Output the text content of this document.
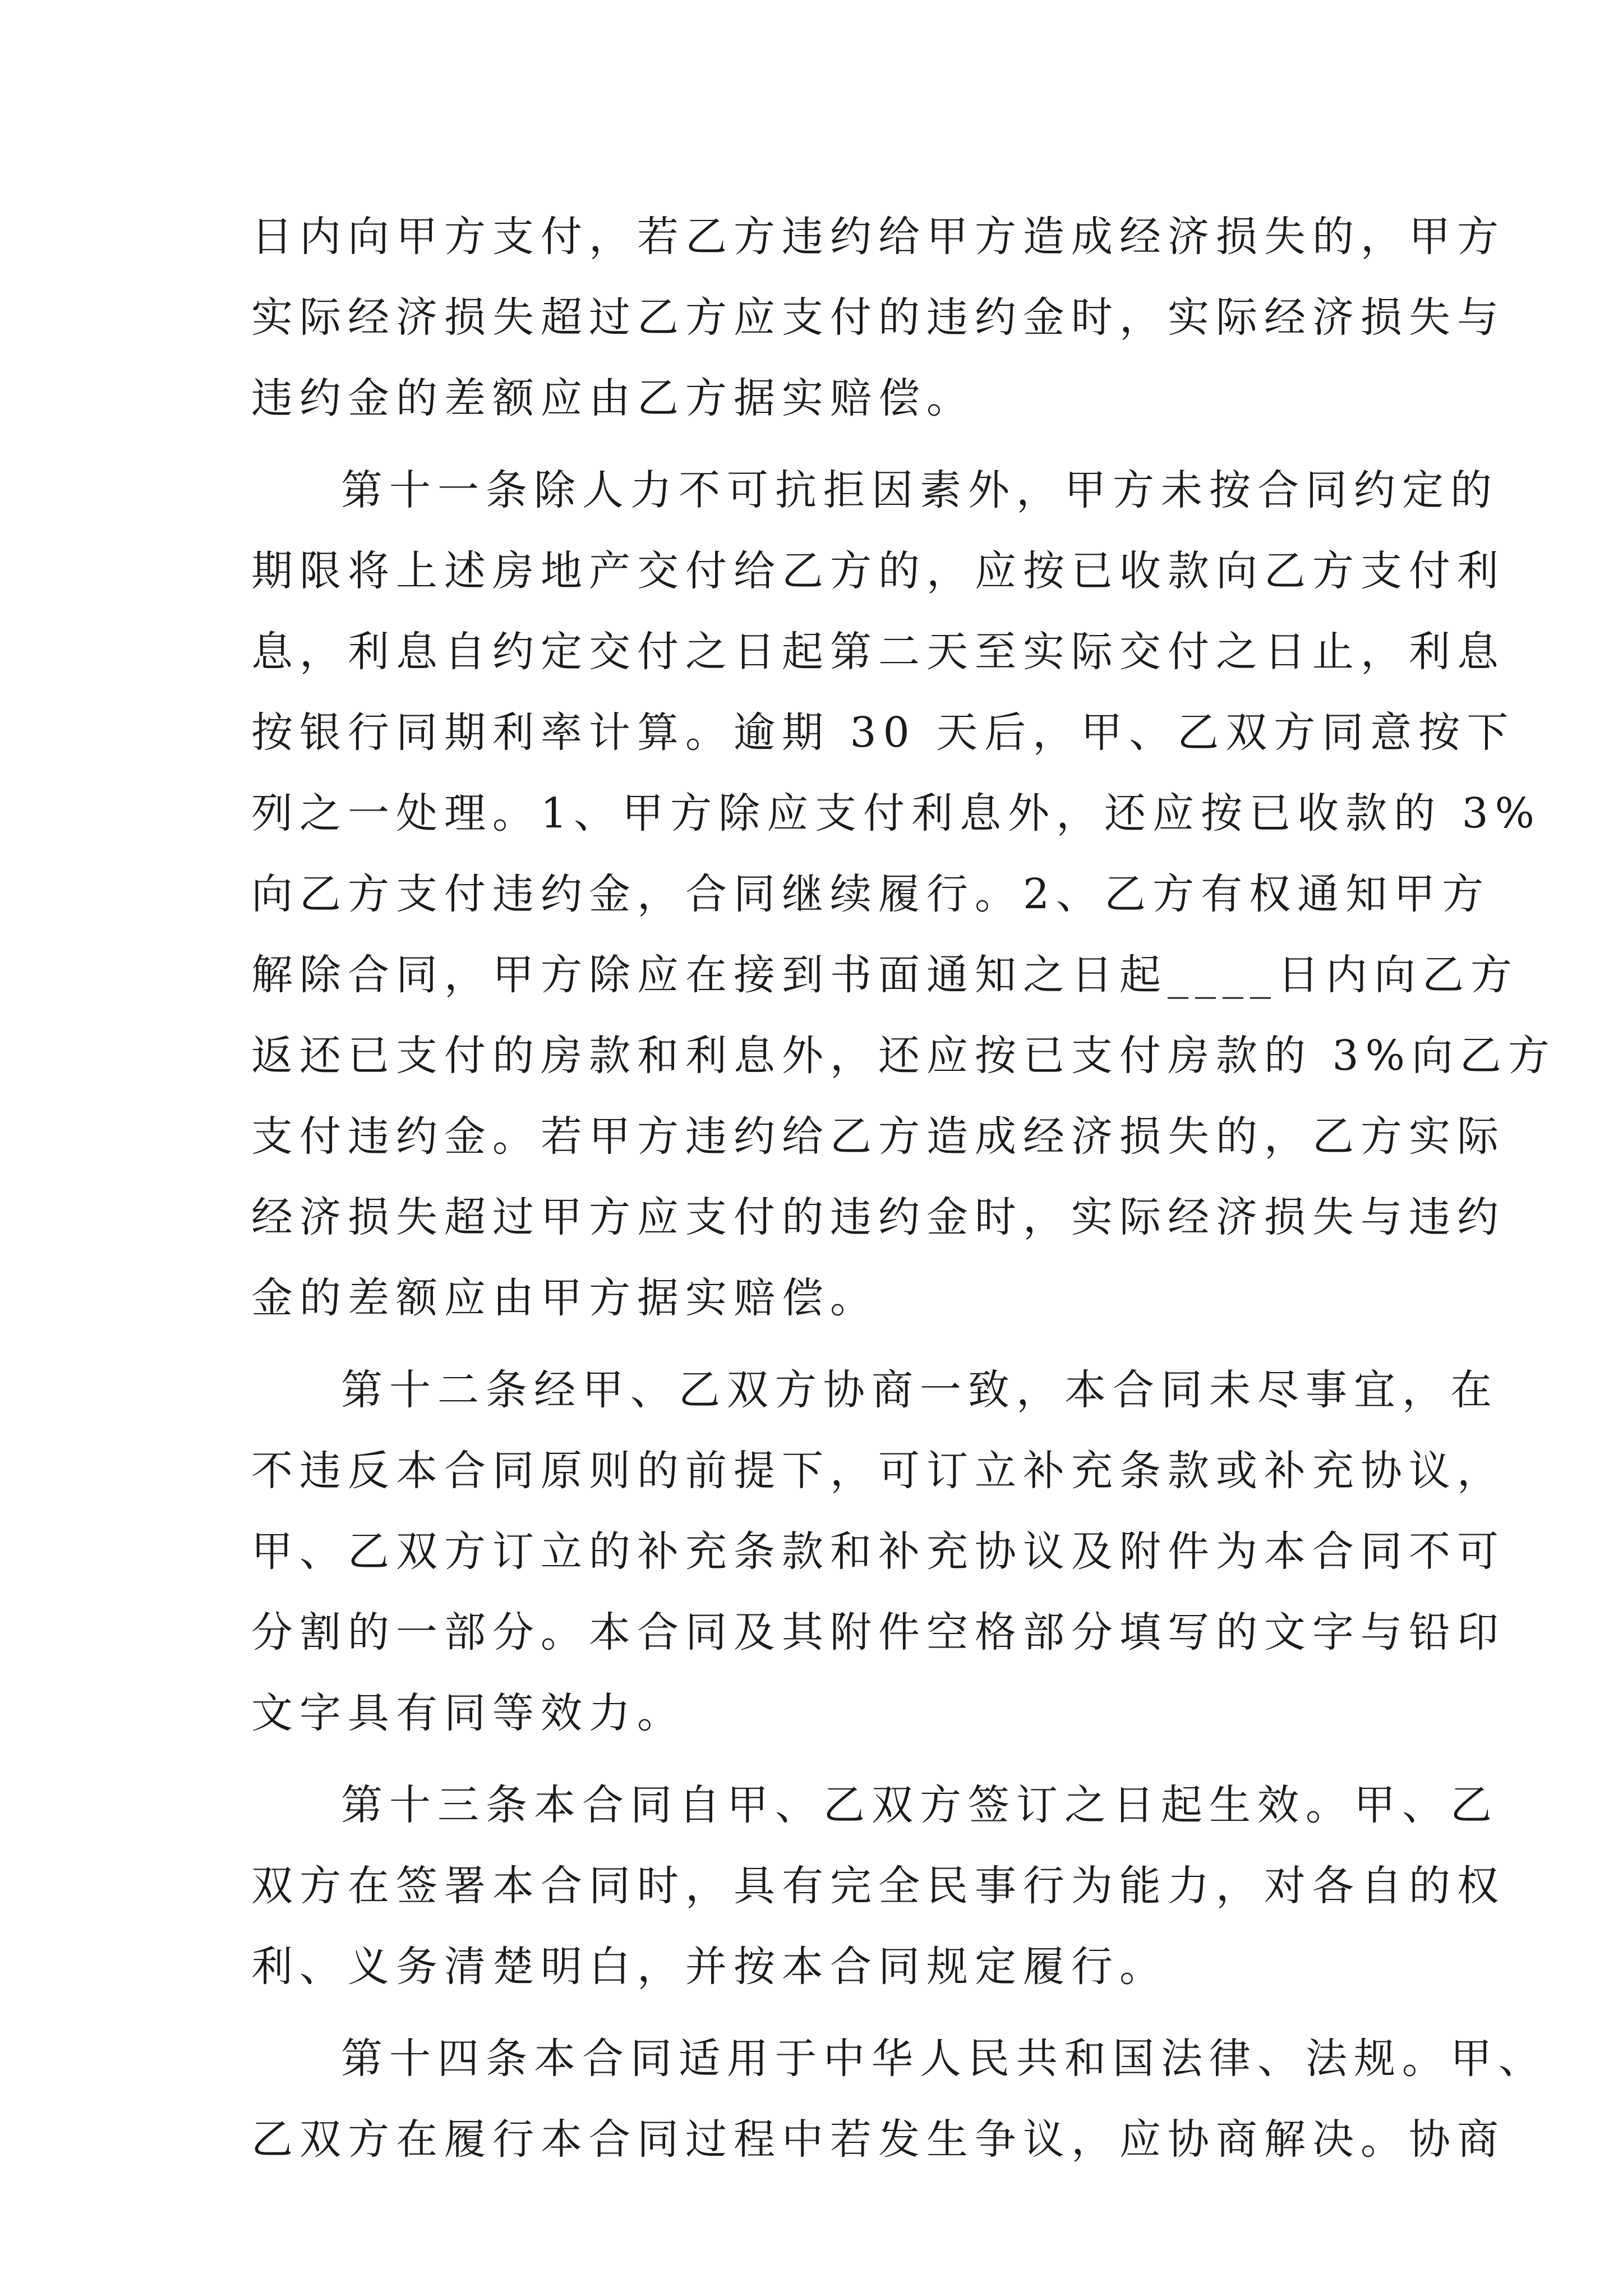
日内向甲方支付，若乙方违约给甲方造成经济损失的，甲方
实际经济损失超过乙方应支付的违约金时，实际经济损失与
违约金的差额应由乙方据实赔偿。
第十一条除人力不可抗拒因素外，甲方未按合同约定的
期限将上述房地产交付给乙方的，应按已收款向乙方支付利
息，利息自约定交付之日起第二天至实际交付之日止，利息
按银行同期利率计算。逾期 30 天后，甲、乙双方同意按下
列之一处理。1、甲方除应支付利息外，还应按已收款的 3%
向乙方支付违约金，合同继续履行。2、乙方有权通知甲方
解除合同，甲方除应在接到书面通知之日起____日内向乙方
返还已支付的房款和利息外，还应按已支付房款的 3%向乙方
支付违约金。若甲方违约给乙方造成经济损失的，乙方实际
经济损失超过甲方应支付的违约金时，实际经济损失与违约
金的差额应由甲方据实赔偿。
第十二条经甲、乙双方协商一致，本合同未尽事宜，在
不违反本合同原则的前提下，可订立补充条款或补充协议，
甲、乙双方订立的补充条款和补充协议及附件为本合同不可
分割的一部分。本合同及其附件空格部分填写的文字与铅印
文字具有同等效力。
第十三条本合同自甲、乙双方签订之日起生效。甲、乙
双方在签署本合同时，具有完全民事行为能力，对各自的权
利、义务清楚明白，并按本合同规定履行。
第十四条本合同适用于中华人民共和国法律、法规。甲、
乙双方在履行本合同过程中若发生争议，应协商解决。协商
